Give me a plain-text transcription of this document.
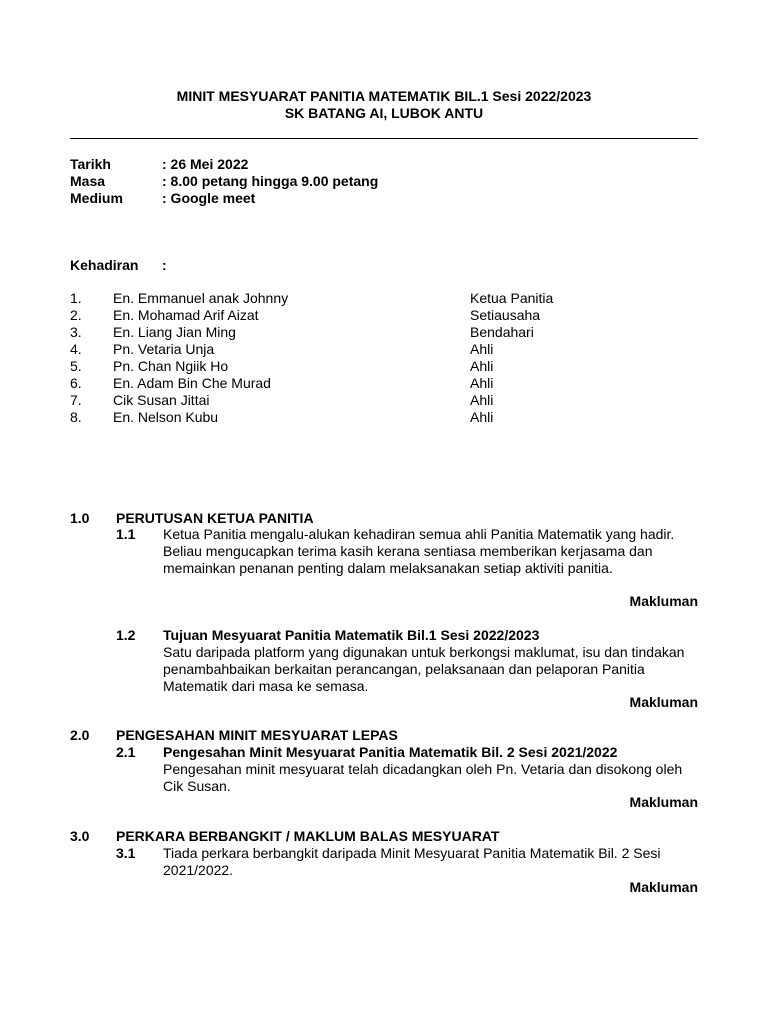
MINIT MESYUARAT PANITIA MATEMATIK BIL.1 Sesi 2022/2023
SK BATANG AI, LUBOK ANTU
Tarikh	: 26 Mei 2022
Masa	: 8.00 petang hingga 9.00 petang
Medium	: Google meet
Kehadiran :
1. En. Emmanuel anak Johnny	Ketua Panitia
2. En. Mohamad Arif Aizat	Setiausaha
3. En. Liang Jian Ming	Bendahari
4. Pn. Vetaria Unja	Ahli
5. Pn. Chan Ngiik Ho	Ahli
6. En. Adam Bin Che Murad	Ahli
7. Cik Susan Jittai	Ahli
8. En. Nelson Kubu	Ahli
1.0 PERUTUSAN KETUA PANITIA
1.1 Ketua Panitia mengalu-alukan kehadiran semua ahli Panitia Matematik yang hadir. Beliau mengucapkan terima kasih kerana sentiasa memberikan kerjasama dan memainkan penanan penting dalam melaksanakan setiap aktiviti panitia.
Makluman
1.2 Tujuan Mesyuarat Panitia Matematik Bil.1 Sesi 2022/2023
Satu daripada platform yang digunakan untuk berkongsi maklumat, isu dan tindakan penambahbaikan berkaitan perancangan, pelaksanaan dan pelaporan Panitia Matematik dari masa ke semasa.
Makluman
2.0 PENGESAHAN MINIT MESYUARAT LEPAS
2.1 Pengesahan Minit Mesyuarat Panitia Matematik Bil. 2 Sesi 2021/2022
Pengesahan minit mesyuarat telah dicadangkan oleh Pn. Vetaria dan disokong oleh Cik Susan.
Makluman
3.0 PERKARA BERBANGKIT / MAKLUM BALAS MESYUARAT
3.1 Tiada perkara berbangkit daripada Minit Mesyuarat Panitia Matematik Bil. 2 Sesi 2021/2022.
Makluman
